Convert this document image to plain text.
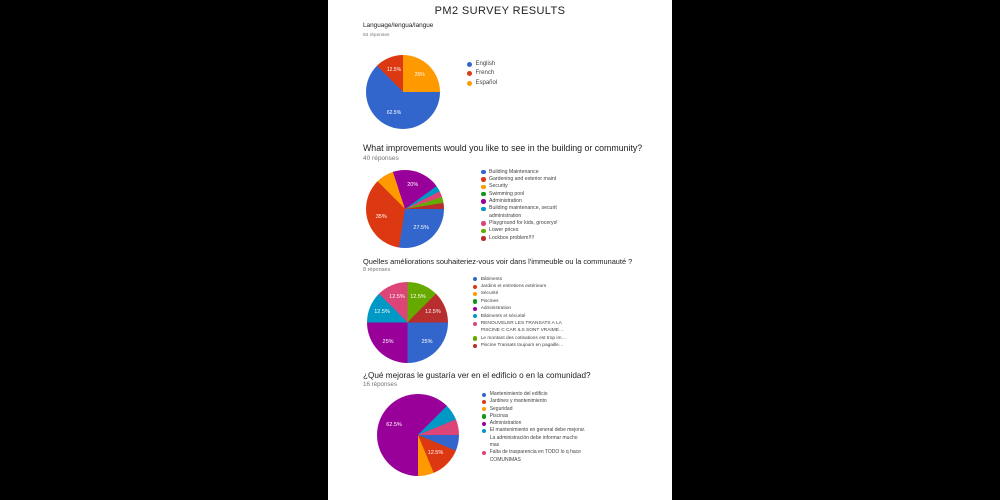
PM2 SURVEY RESULTS
Language/lengua/langue
64 réponses
62.5%
12.5%
25%
English
French
Español
What improvements would you like to see in the building or community?
40 réponses
27.5%
35%
20%
Building Maintenance
Gardening and exterior maint
Security
Swimming pool
Administration
Building maintenance, securit administration
Playground for kids, grocerys!
Lower prices
Lockbox problem!!!!
Quelles améliorations souhaiteriez-vous voir dans l'immeuble ou la communauté ?
8 réponses
25%
25%
12.5%
12.5% 12.5%
12.5%
Bâtiments
Jardins et entretiens extérieurs
Sécurité
Piscines
Administration
Bâtiments et sécurité
RENOUVELER LES TRANSATS A LA PISCINE C CAR ILS SONT VRAIME…
Le montant des cotisations est trop im…
Piscine Transats toujours en pagaille…
¿Qué mejoras le gustaría ver en el edificio o en la comunidad?
16 réponses
12.5%
62.5%
Mantenimiento del edificio
Jardines y mantenimiento
Seguridad
Piscinas
Administration
El mantenimiento en general debe mejorar. La administración debe informar mucho mas
Falta de trasparencia en TODO lo q hace COMUNIMAS
